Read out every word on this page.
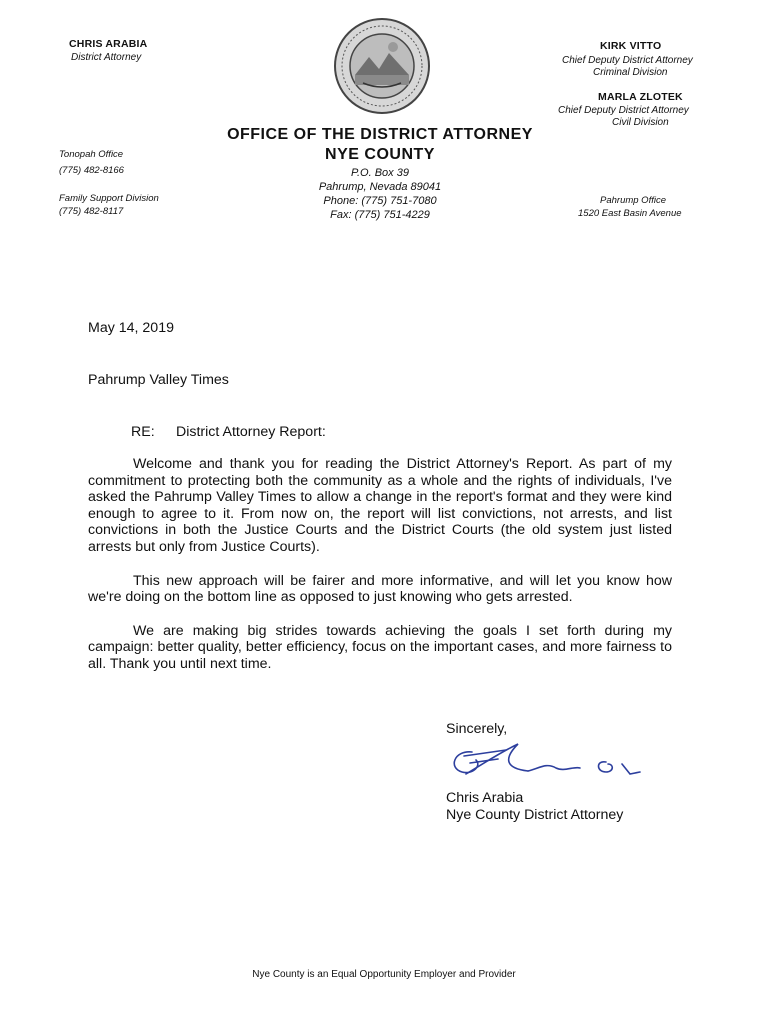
CHRIS ARABIA
District Attorney
Tonopah Office
(775) 482-8166
Family Support Division
(775) 482-8117
KIRK VITTO
Chief Deputy District Attorney
Criminal Division
MARLA ZLOTEK
Chief Deputy District Attorney
Civil Division
Pahrump Office
1520 East Basin Avenue
OFFICE OF THE DISTRICT ATTORNEY
NYE COUNTY
P.O. Box 39
Pahrump, Nevada 89041
Phone: (775) 751-7080
Fax: (775) 751-4229
May 14, 2019
Pahrump Valley Times
RE: District Attorney Report:

Welcome and thank you for reading the District Attorney's Report. As part of my commitment to protecting both the community as a whole and the rights of individuals, I've asked the Pahrump Valley Times to allow a change in the report's format and they were kind enough to agree to it. From now on, the report will list convictions, not arrests, and list convictions in both the Justice Courts and the District Courts (the old system just listed arrests but only from Justice Courts).

This new approach will be fairer and more informative, and will let you know how we're doing on the bottom line as opposed to just knowing who gets arrested.

We are making big strides towards achieving the goals I set forth during my campaign: better quality, better efficiency, focus on the important cases, and more fairness to all. Thank you until next time.

Sincerely,
Chris Arabia
Nye County District Attorney
Nye County is an Equal Opportunity Employer and Provider
